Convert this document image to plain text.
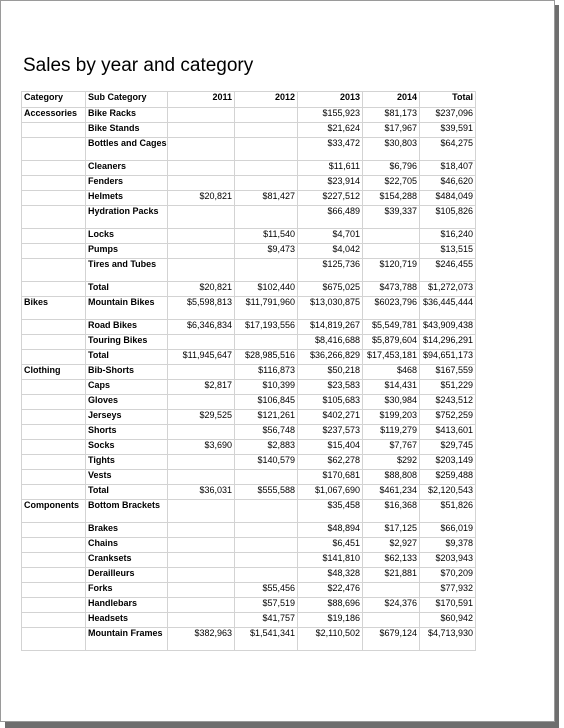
Sales by year and category
Category	Sub Category	2011	2012	2013	2014	Total
Accessories	Bike Racks			$155,923	$81,173	$237,096
	Bike Stands			$21,624	$17,967	$39,591
	Bottles and Cages			$33,472	$30,803	$64,275
	Cleaners			$11,611	$6,796	$18,407
	Fenders			$23,914	$22,705	$46,620
	Helmets	$20,821	$81,427	$227,512	$154,288	$484,049
	Hydration Packs			$66,489	$39,337	$105,826
	Locks		$11,540	$4,701		$16,240
	Pumps		$9,473	$4,042		$13,515
	Tires and Tubes			$125,736	$120,719	$246,455
	Total	$20,821	$102,440	$675,025	$473,788	$1,272,073
Bikes	Mountain Bikes	$5,598,813	$11,791,960	$13,030,875	$6023,796	$36,445,444
	Road Bikes	$6,346,834	$17,193,556	$14,819,267	$5,549,781	$43,909,438
	Touring Bikes			$8,416,688	$5,879,604	$14,296,291
	Total	$11,945,647	$28,985,516	$36,266,829	$17,453,181	$94,651,173
Clothing	Bib-Shorts		$116,873	$50,218	$468	$167,559
	Caps	$2,817	$10,399	$23,583	$14,431	$51,229
	Gloves		$106,845	$105,683	$30,984	$243,512
	Jerseys	$29,525	$121,261	$402,271	$199,203	$752,259
	Shorts		$56,748	$237,573	$119,279	$413,601
	Socks	$3,690	$2,883	$15,404	$7,767	$29,745
	Tights		$140,579	$62,278	$292	$203,149
	Vests			$170,681	$88,808	$259,488
	Total	$36,031	$555,588	$1,067,690	$461,234	$2,120,543
Components	Bottom Brackets			$35,458	$16,368	$51,826
	Brakes			$48,894	$17,125	$66,019
	Chains			$6,451	$2,927	$9,378
	Cranksets			$141,810	$62,133	$203,943
	Derailleurs			$48,328	$21,881	$70,209
	Forks		$55,456	$22,476		$77,932
	Handlebars		$57,519	$88,696	$24,376	$170,591
	Headsets		$41,757	$19,186		$60,942
	Mountain Frames	$382,963	$1,541,341	$2,110,502	$679,124	$4,713,930
